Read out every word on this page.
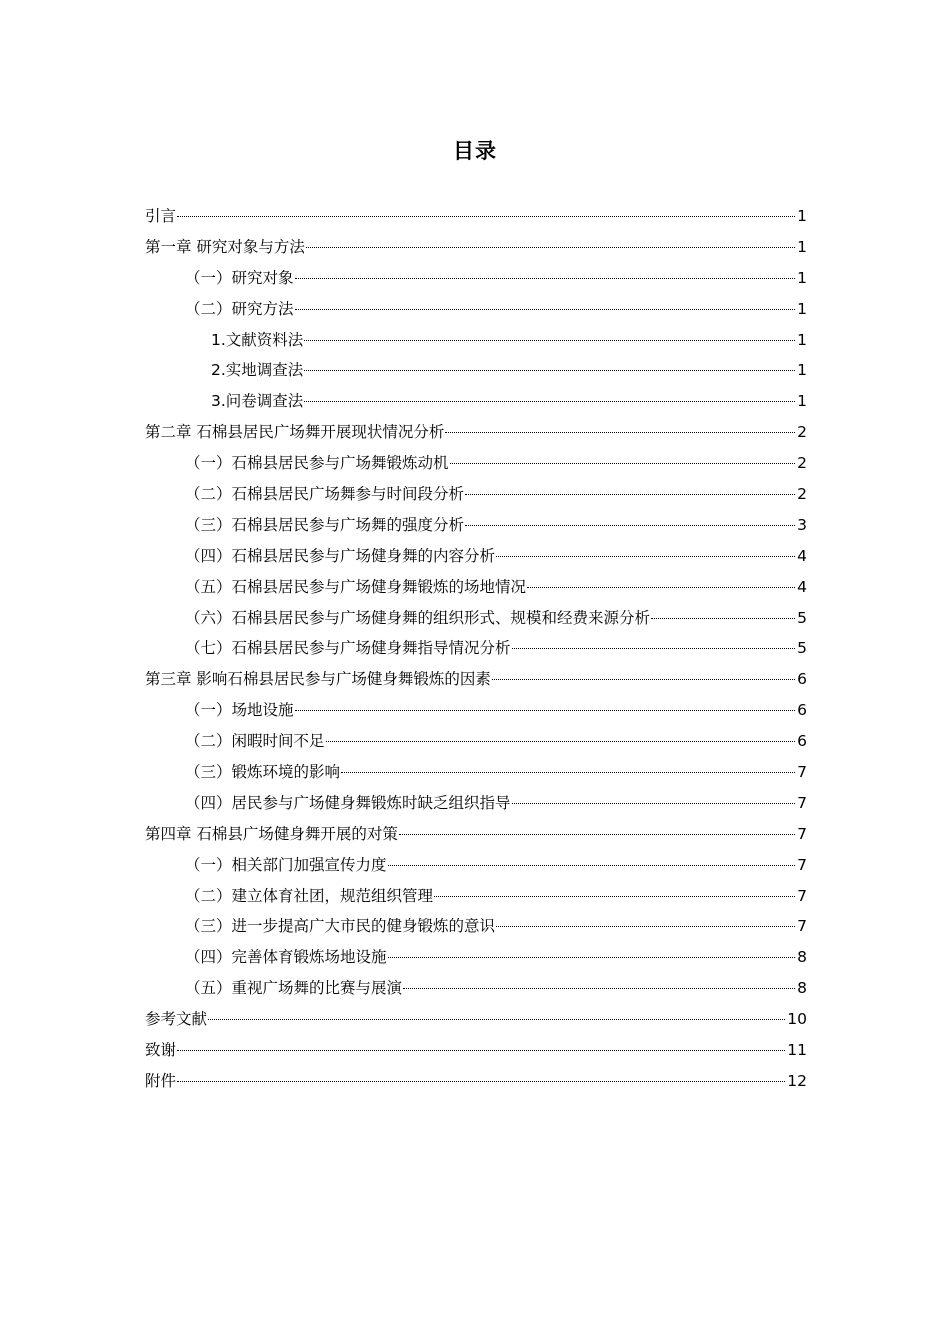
目录
引言	1
第一章 研究对象与方法	1
（一）研究对象	1
（二）研究方法	1
1.文献资料法	1
2.实地调查法	1
3.问卷调查法	1
第二章 石棉县居民广场舞开展现状情况分析	2
（一）石棉县居民参与广场舞锻炼动机	2
（二）石棉县居民广场舞参与时间段分析	2
（三）石棉县居民参与广场舞的强度分析	3
（四）石棉县居民参与广场健身舞的内容分析	4
（五）石棉县居民参与广场健身舞锻炼的场地情况	4
（六）石棉县居民参与广场健身舞的组织形式、规模和经费来源分析	5
（七）石棉县居民参与广场健身舞指导情况分析	5
第三章 影响石棉县居民参与广场健身舞锻炼的因素	6
（一）场地设施	6
（二）闲暇时间不足	6
（三）锻炼环境的影响	7
（四）居民参与广场健身舞锻炼时缺乏组织指导	7
第四章 石棉县广场健身舞开展的对策	7
（一）相关部门加强宣传力度	7
（二）建立体育社团，规范组织管理	7
（三）进一步提高广大市民的健身锻炼的意识	7
（四）完善体育锻炼场地设施	8
（五）重视广场舞的比赛与展演	8
参考文献	10
致谢	11
附件	12
